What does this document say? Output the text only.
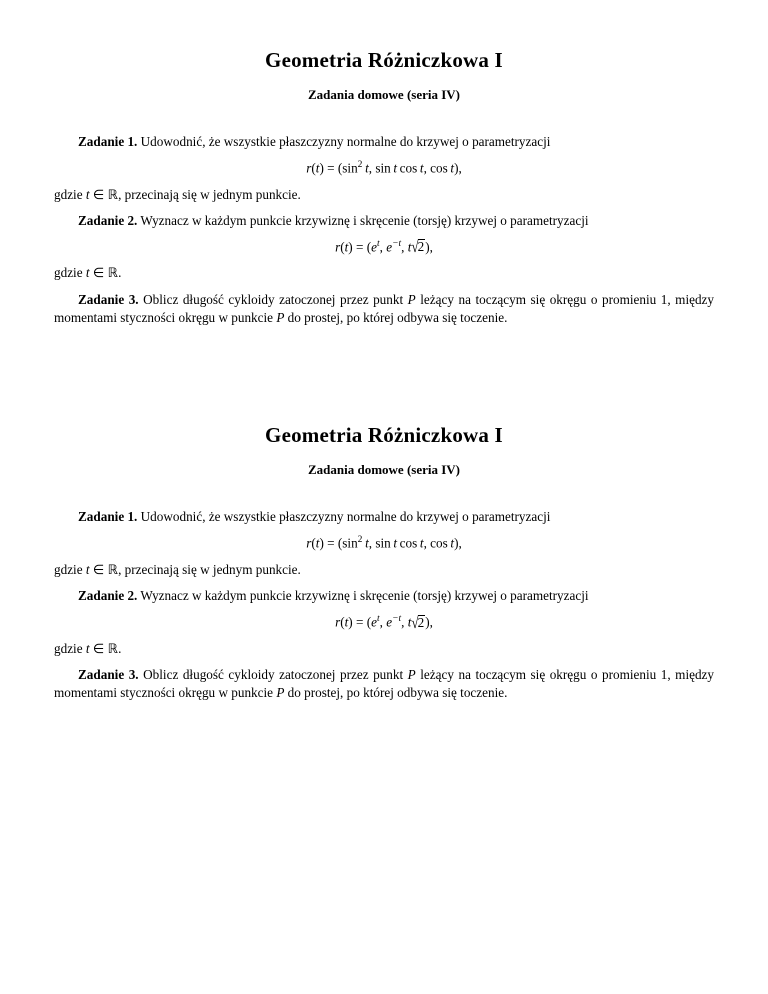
Geometria Różniczkowa I
Zadania domowe (seria IV)

Zadanie 1. Udowodnić, że wszystkie płaszczyzny normalne do krzywej o parametryzacji

$r(t) = (\sin^2$  t, sin t cos t, cos t),

gdzie t ∈ ℝ, przecinają się w jednym punkcie.

Zadanie 2. Wyznacz w każdym punkcie krzywiznę i skręcenie (torsję) krzywej o parametryzacji

$r(t) = (e^t$, $e^{-t}$, t√2),

gdzie t ∈ ℝ.

Zadanie 3. Oblicz długość cykloidy zatoczonej przez punkt P leżący na toczącym się okręgu o promieniu 1, między momentami styczności okręgu w punkcie P do prostej, po której odbywa się toczenie.

Geometria Różniczkowa I
Zadania domowe (seria IV)

Zadanie 1. Udowodnić, że wszystkie płaszczyzny normalne do krzywej o parametryzacji

$r(t) = (\sin^2$  t, sin t cos t, cos t),

gdzie t ∈ ℝ, przecinają się w jednym punkcie.

Zadanie 2. Wyznacz w każdym punkcie krzywiznę i skręcenie (torsję) krzywej o parametryzacji

$r(t) = (e^t$, $e^{-t}$, t√2),

gdzie t ∈ ℝ.

Zadanie 3. Oblicz długość cykloidy zatoczonej przez punkt P leżący na toczącym się okręgu o promieniu 1, między momentami styczności okręgu w punkcie P do prostej, po której odbywa się toczenie.
